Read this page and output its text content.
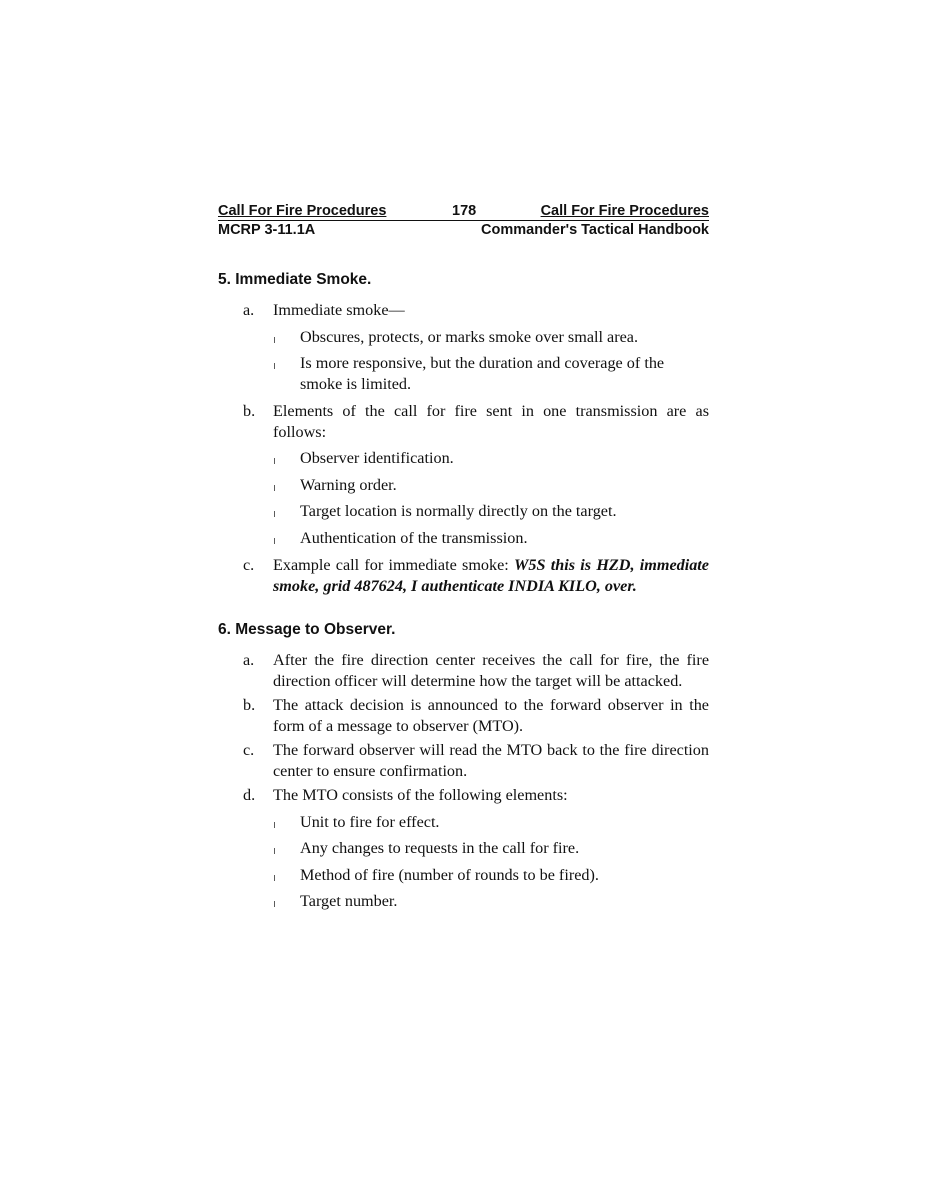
Call For Fire Procedures	178	Call For Fire Procedures
MCRP 3-11.1A	Commander's Tactical Handbook
5. Immediate Smoke.
a. Immediate smoke—
ı Obscures, protects, or marks smoke over small area.
ı Is more responsive, but the duration and coverage of the smoke is limited.
b. Elements of the call for fire sent in one transmission are as follows:
ı Observer identification.
ı Warning order.
ı Target location is normally directly on the target.
ı Authentication of the transmission.
c. Example call for immediate smoke: W5S this is HZD, immediate smoke, grid 487624, I authenticate INDIA KILO, over.
6. Message to Observer.
a. After the fire direction center receives the call for fire, the fire direction officer will determine how the target will be attacked.
b. The attack decision is announced to the forward observer in the form of a message to observer (MTO).
c. The forward observer will read the MTO back to the fire direction center to ensure confirmation.
d. The MTO consists of the following elements:
ı Unit to fire for effect.
ı Any changes to requests in the call for fire.
ı Method of fire (number of rounds to be fired).
ı Target number.
